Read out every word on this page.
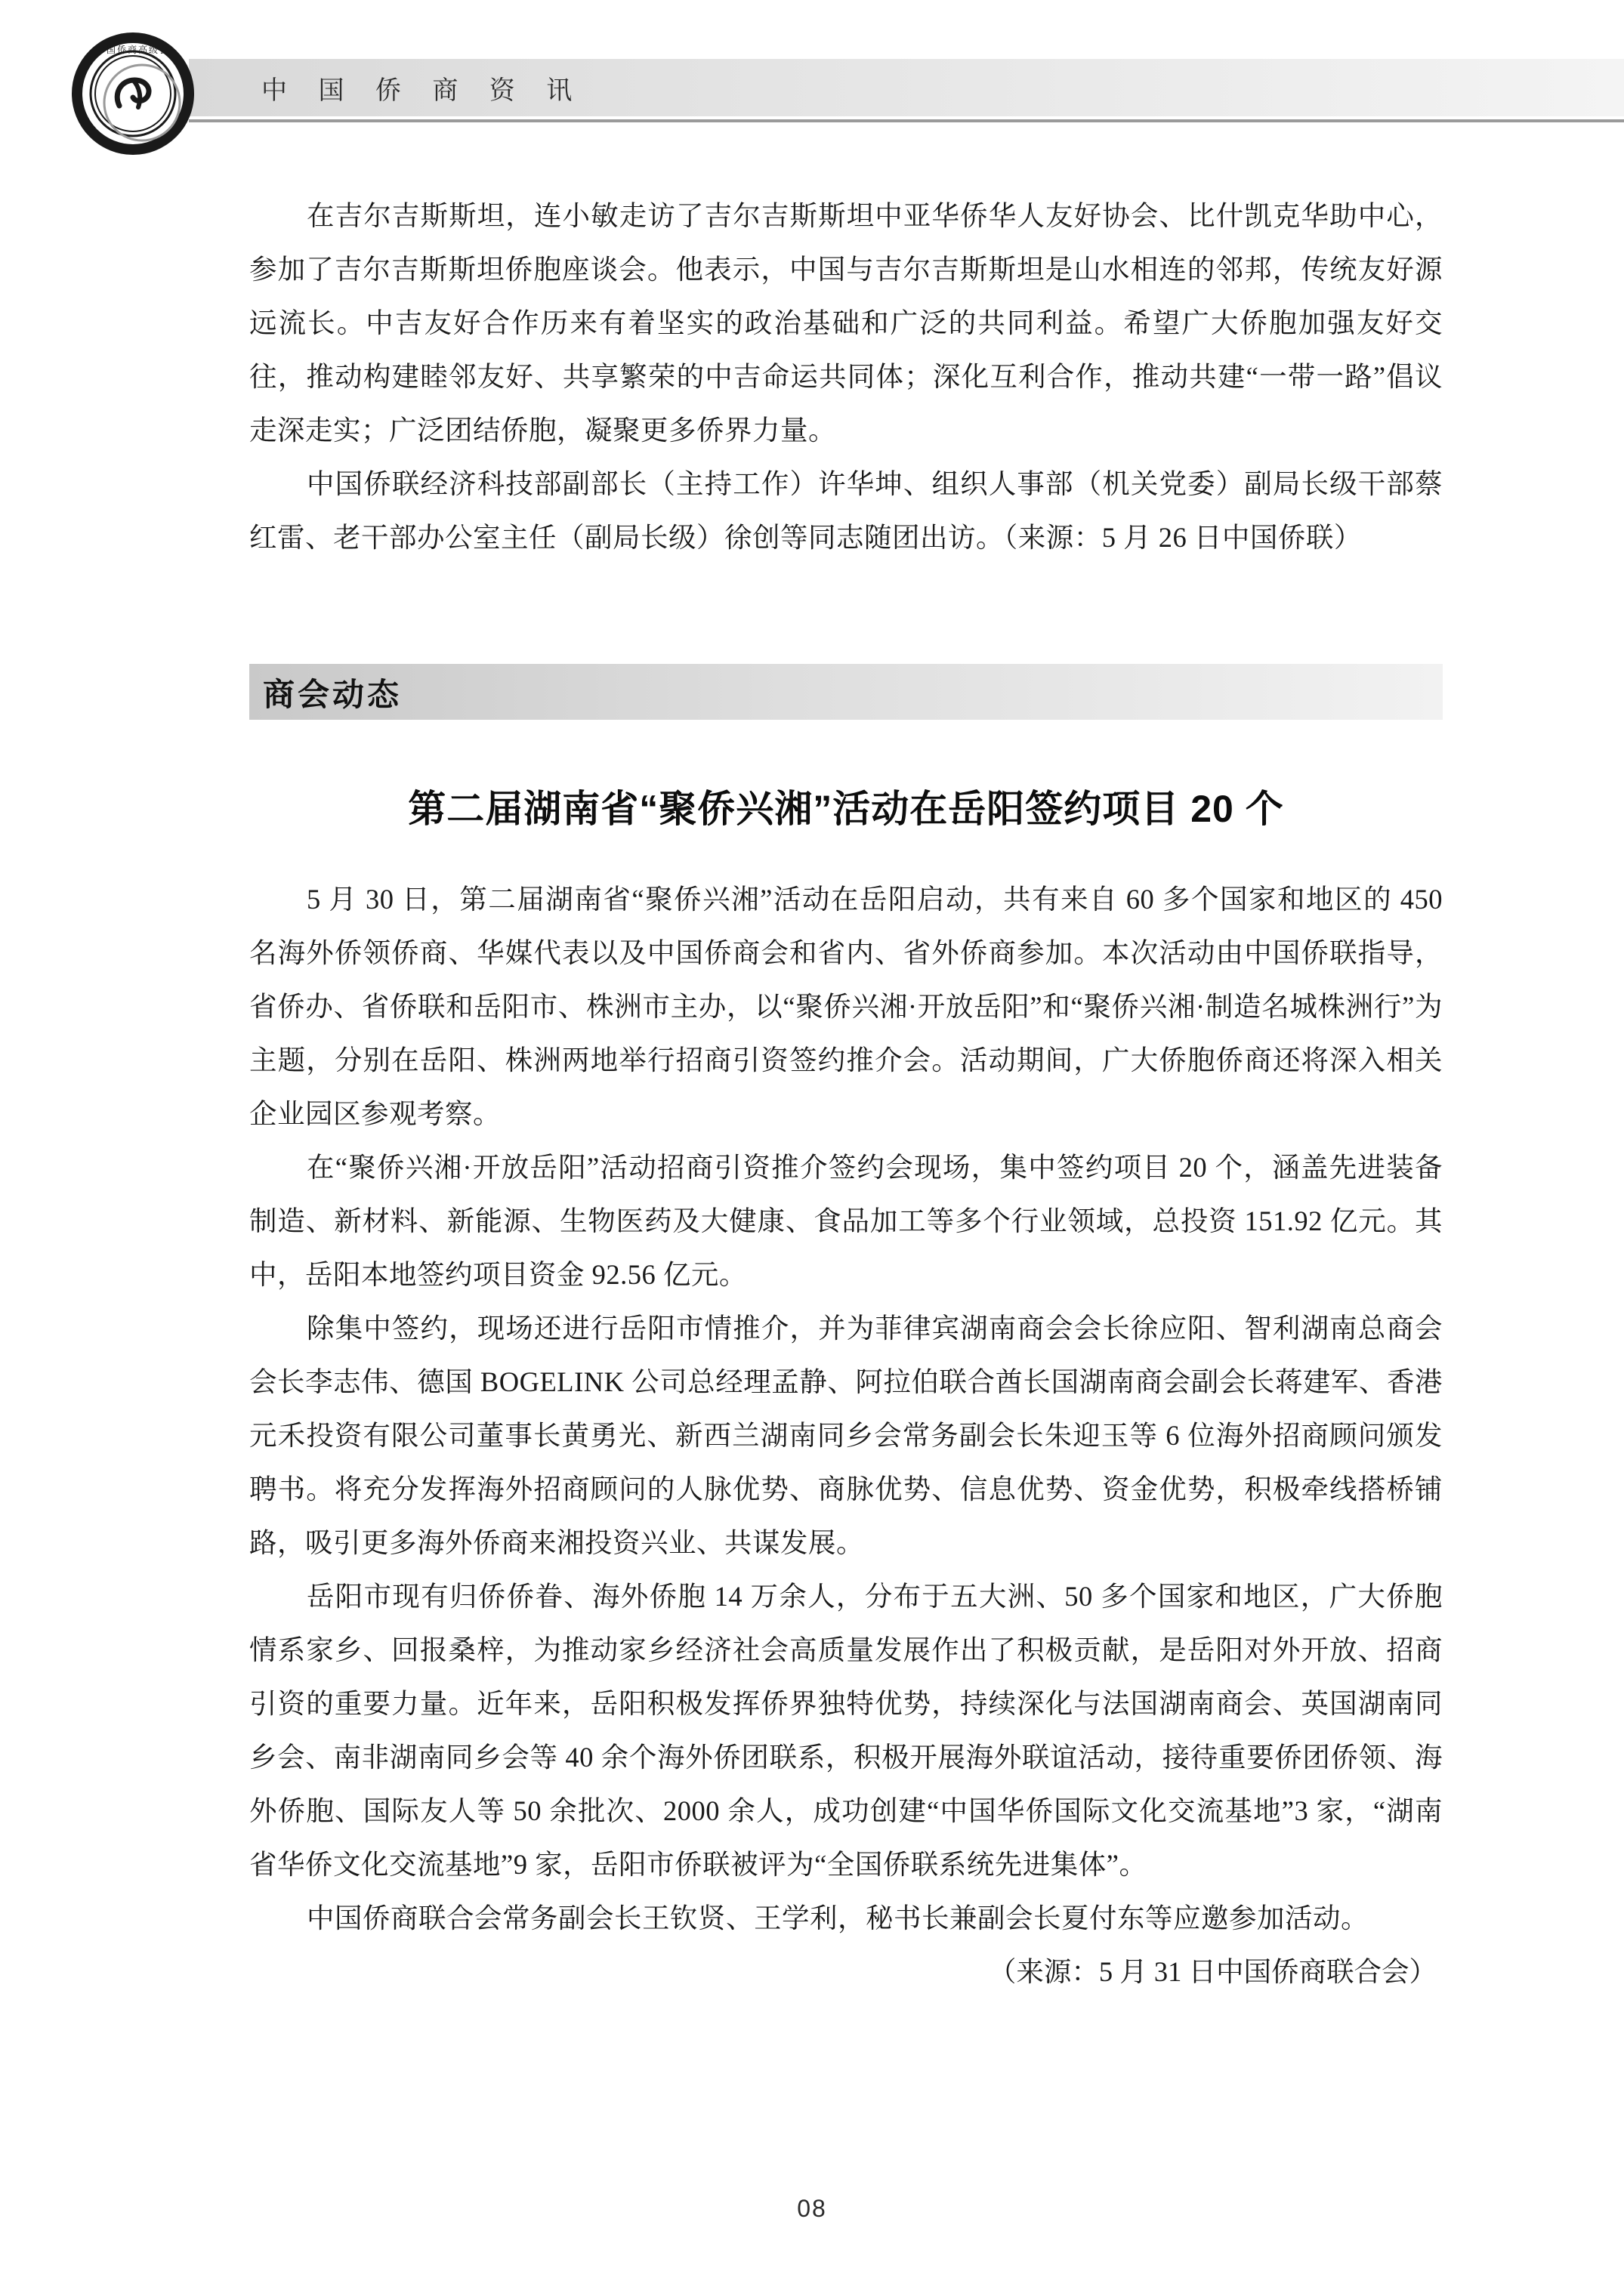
中 国 侨 商 资 讯
中国侨商高级会

在吉尔吉斯斯坦，连小敏走访了吉尔吉斯斯坦中亚华侨华人友好协会、比什凯克华助中心，参加了吉尔吉斯斯坦侨胞座谈会。他表示，中国与吉尔吉斯斯坦是山水相连的邻邦，传统友好源远流长。中吉友好合作历来有着坚实的政治基础和广泛的共同利益。希望广大侨胞加强友好交往，推动构建睦邻友好、共享繁荣的中吉命运共同体；深化互利合作，推动共建“一带一路”倡议走深走实；广泛团结侨胞，凝聚更多侨界力量。

中国侨联经济科技部副部长（主持工作）许华坤、组织人事部（机关党委）副局长级干部蔡红雷、老干部办公室主任（副局长级）徐创等同志随团出访。（来源：5 月 26 日中国侨联）

商会动态
第二届湖南省“聚侨兴湘”活动在岳阳签约项目 20 个

5 月 30 日，第二届湖南省“聚侨兴湘”活动在岳阳启动，共有来自 60 多个国家和地区的 450 名海外侨领侨商、华媒代表以及中国侨商会和省内、省外侨商参加。本次活动由中国侨联指导，省侨办、省侨联和岳阳市、株洲市主办，以“聚侨兴湘·开放岳阳”和“聚侨兴湘·制造名城株洲行”为主题，分别在岳阳、株洲两地举行招商引资签约推介会。活动期间，广大侨胞侨商还将深入相关企业园区参观考察。

在“聚侨兴湘·开放岳阳”活动招商引资推介签约会现场，集中签约项目 20 个，涵盖先进装备制造、新材料、新能源、生物医药及大健康、食品加工等多个行业领域，总投资 151.92 亿元。其中，岳阳本地签约项目资金 92.56 亿元。

除集中签约，现场还进行岳阳市情推介，并为菲律宾湖南商会会长徐应阳、智利湖南总商会会长李志伟、德国 BOGELINK 公司总经理孟静、阿拉伯联合酋长国湖南商会副会长蒋建军、香港元禾投资有限公司董事长黄勇光、新西兰湖南同乡会常务副会长朱迎玉等 6 位海外招商顾问颁发聘书。将充分发挥海外招商顾问的人脉优势、商脉优势、信息优势、资金优势，积极牵线搭桥铺路，吸引更多海外侨商来湘投资兴业、共谋发展。

岳阳市现有归侨侨眷、海外侨胞 14 万余人，分布于五大洲、50 多个国家和地区，广大侨胞情系家乡、回报桑梓，为推动家乡经济社会高质量发展作出了积极贡献，是岳阳对外开放、招商引资的重要力量。近年来，岳阳积极发挥侨界独特优势，持续深化与法国湖南商会、英国湖南同乡会、南非湖南同乡会等 40 余个海外侨团联系，积极开展海外联谊活动，接待重要侨团侨领、海外侨胞、国际友人等 50 余批次、2000 余人，成功创建“中国华侨国际文化交流基地”3 家，“湖南省华侨文化交流基地”9 家，岳阳市侨联被评为“全国侨联系统先进集体”。

中国侨商联合会常务副会长王钦贤、王学利，秘书长兼副会长夏付东等应邀参加活动。

（来源：5 月 31 日中国侨商联合会）

08
